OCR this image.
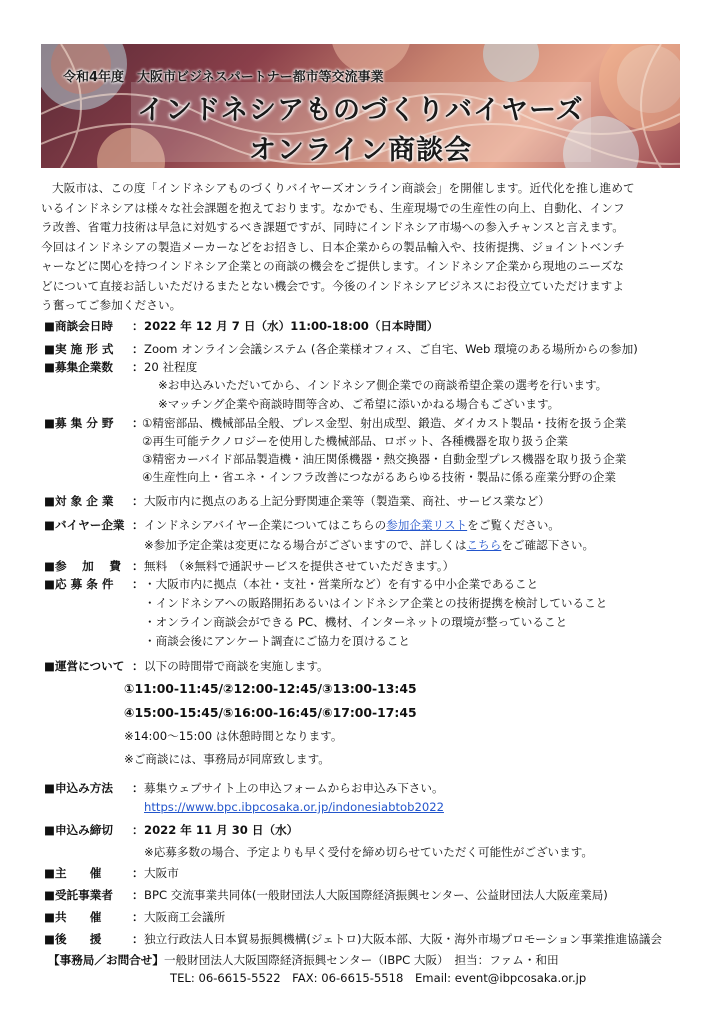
令和4年度　大阪市ビジネスパートナー都市等交流事業
インドネシアものづくりバイヤーズ
オンライン商談会
大阪市は、この度「インドネシアものづくりバイヤーズオンライン商談会」を開催します。近代化を推し進めて
いるインドネシアは様々な社会課題を抱えております。なかでも、生産現場での生産性の向上、自動化、インフ
ラ改善、省電力技術は早急に対処するべき課題ですが、同時にインドネシア市場への参入チャンスと言えます。
今回はインドネシアの製造メーカーなどをお招きし、日本企業からの製品輸入や、技術提携、ジョイントベンチ
ャーなどに関心を持つインドネシア企業との商談の機会をご提供します。インドネシア企業から現地のニーズな
どについて直接お話しいただけるまたとない機会です。今後のインドネシアビジネスにお役立ていただけますよ
う奮ってご参加ください。
■商談会日時 ： 2022 年 12 月 7 日（水）11:00-18:00（日本時間）
■実 施 形 式 ： Zoom オンライン会議システム (各企業様オフィス、ご自宅、Web 環境のある場所からの参加)
■募集企業数 ： 20 社程度
※お申込みいただいてから、インドネシア側企業での商談希望企業の選考を行います。
※マッチング企業や商談時間等含め、ご希望に添いかねる場合もございます。
■募 集 分 野 ：
①精密部品、機械部品全般、プレス金型、射出成型、鍛造、ダイカスト製品・技術を扱う企業
②再生可能テクノロジーを使用した機械部品、ロボット、各種機器を取り扱う企業
③精密カーバイド部品製造機・油圧関係機器・熱交換器・自動金型プレス機器を取り扱う企業
④生産性向上・省エネ・インフラ改善につながるあらゆる技術・製品に係る産業分野の企業
■対 象 企 業 ： 大阪市内に拠点のある上記分野関連企業等（製造業、商社、サービス業など）
■バイヤー企業 ： インドネシアバイヤー企業についてはこちらの参加企業リストをご覧ください。
※参加予定企業は変更になる場合がございますので、詳しくはこちらをご確認下さい。
■参 　加 　費 ： 無料　（※無料で通訳サービスを提供させていただきます。）
■応 募 条 件 ： ・大阪市内に拠点（本社・支社・営業所など）を有する中小企業であること
・インドネシアへの販路開拓あるいはインドネシア企業との技術提携を検討していること
・オンライン商談会ができる PC、機材、インターネットの環境が整っていること
・商談会後にアンケート調査にご協力を頂けること
■運営について ： 以下の時間帯で商談を実施します。
①11:00-11:45/②12:00-12:45/③13:00-13:45
④15:00-15:45/⑤16:00-16:45/⑥17:00-17:45
※14:00～15:00 は休憩時間となります。
※ご商談には、事務局が同席致します。
■申込み方法 ： 募集ウェブサイト上の申込フォームからお申込み下さい。
https://www.bpc.ibpcosaka.or.jp/indonesiabtob2022
■申込み締切 ： 2022 年 11 月 30 日（水）
※応募多数の場合、予定よりも早く受付を締め切らせていただく可能性がございます。
■主　　催	： 大阪市
■受託事業者 ： BPC 交流事業共同体(一般財団法人大阪国際経済振興センター、公益財団法人大阪産業局)
■共　　催	： 大阪商工会議所
■後　　援	： 独立行政法人日本貿易振興機構(ジェトロ)大阪本部、大阪・海外市場プロモーション事業推進協議会
【事務局／お問合せ】一般財団法人大阪国際経済振興センター（IBPC 大阪）　担当：ファム・和田
TEL: 06-6615-5522　FAX: 06-6615-5518　Email: event@ibpcosaka.or.jp
